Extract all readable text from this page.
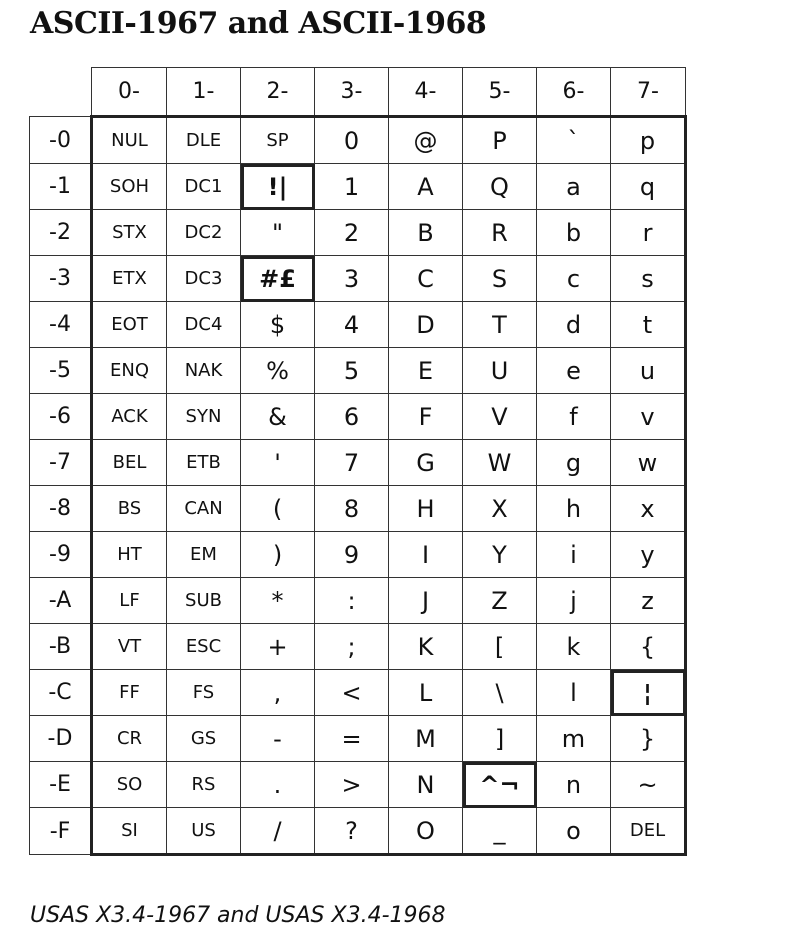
ASCII-1967 and ASCII-1968
	0-	1-	2-	3-	4-	5-	6-	7-
-0	NUL	DLE	SP	0	@	P	`	p
-1	SOH	DC1	!|	1	A	Q	a	q
-2	STX	DC2	"	2	B	R	b	r
-3	ETX	DC3	#£	3	C	S	c	s
-4	EOT	DC4	$	4	D	T	d	t
-5	ENQ	NAK	%	5	E	U	e	u
-6	ACK	SYN	&	6	F	V	f	v
-7	BEL	ETB	'	7	G	W	g	w
-8	BS	CAN	(	8	H	X	h	x
-9	HT	EM	)	9	I	Y	i	y
-A	LF	SUB	*	:	J	Z	j	z
-B	VT	ESC	+	;	K	[	k	{
-C	FF	FS	,	<	L	\	l	¦
-D	CR	GS	-	=	M	]	m	}
-E	SO	RS	.	>	N	^¬	n	~
-F	SI	US	/	?	O	_	o	DEL

USAS X3.4-1967 and USAS X3.4-1968
